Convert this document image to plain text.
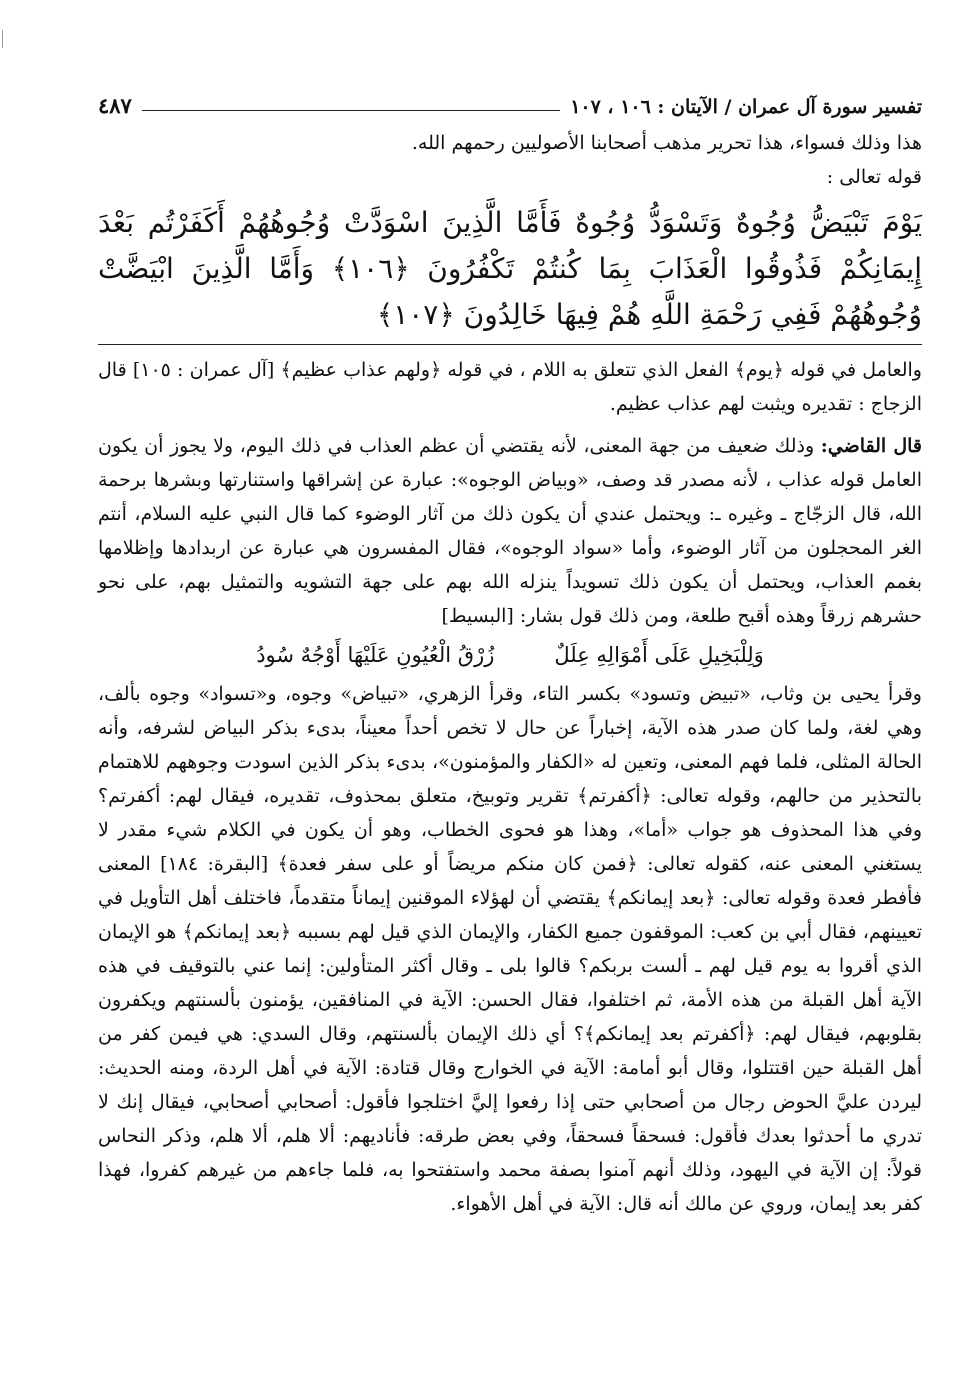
تفسير سورة آل عمران / الآيتان : ١٠٦ ، ١٠٧
٤٨٧

هذا وذلك فسواء، هذا تحرير مذهب أصحابنا الأصوليين رحمهم الله.

قوله تعالى :

يَوْمَ تَبْيَضُّ وُجُوهٌ وَتَسْوَدُّ وُجُوهٌ فَأَمَّا الَّذِينَ اسْوَدَّتْ وُجُوهُهُمْ أَكَفَرْتُم بَعْدَ إِيمَانِكُمْ فَذُوقُوا الْعَذَابَ بِمَا كُنتُمْ تَكْفُرُونَ ﴿١٠٦﴾ وَأَمَّا الَّذِينَ ابْيَضَّتْ وُجُوهُهُمْ فَفِي رَحْمَةِ اللَّهِ هُمْ فِيهَا خَالِدُونَ ﴿١٠٧﴾

والعامل في قوله ﴿يوم﴾ الفعل الذي تتعلق به اللام ، في قوله ﴿ولهم عذاب عظيم﴾ [آل عمران : ١٠٥] قال الزجاج : تقديره ويثبت لهم عذاب عظيم.

قال القاضي: وذلك ضعيف من جهة المعنى، لأنه يقتضي أن عظم العذاب في ذلك اليوم، ولا يجوز أن يكون العامل قوله عذاب ، لأنه مصدر قد وصف، «وبياض الوجوه»: عبارة عن إشراقها واستنارتها وبشرها برحمة الله، قال الزجّاج ـ وغيره ـ: ويحتمل عندي أن يكون ذلك من آثار الوضوء كما قال النبي عليه السلام، أنتم الغر المحجلون من آثار الوضوء، وأما «سواد الوجوه»، فقال المفسرون هي عبارة عن اربدادها وإظلامها بغمم العذاب، ويحتمل أن يكون ذلك تسويداً ينزله الله بهم على جهة التشويه والتمثيل بهم، على نحو حشرهم زرقاً وهذه أقبح طلعة، ومن ذلك قول بشار: [البسيط]

وَلِلْبَخِيلِ عَلَى أَمْوَالِهِ عِلَلٌ
زُرْقُ الْعُيُونِ عَلَيْهَا أَوْجُهٌ سُودُ

وقرأ يحيى بن وثاب، «تبيض وتسود» بكسر التاء، وقرأ الزهري، «تبياض» وجوه، و«تسواد» وجوه بألف، وهي لغة، ولما كان صدر هذه الآية، إخباراً عن حال لا تخص أحداً معيناً، بدىء بذكر البياض لشرفه، وأنه الحالة المثلى، فلما فهم المعنى، وتعين له «الكفار والمؤمنون»، بدىء بذكر الذين اسودت وجوههم للاهتمام بالتحذير من حالهم، وقوله تعالى: ﴿أكفرتم﴾ تقرير وتوبيخ، متعلق بمحذوف، تقديره، فيقال لهم: أكفرتم؟ وفي هذا المحذوف هو جواب «أما»، وهذا هو فحوى الخطاب، وهو أن يكون في الكلام شيء مقدر لا يستغني المعنى عنه، كقوله تعالى: ﴿فمن كان منكم مريضاً أو على سفر فعدة﴾ [البقرة: ١٨٤] المعنى فأفطر فعدة وقوله تعالى: ﴿بعد إيمانكم﴾ يقتضي أن لهؤلاء الموقنين إيماناً متقدماً، فاختلف أهل التأويل في تعيينهم، فقال أبي بن كعب: الموقفون جميع الكفار، والإيمان الذي قيل لهم بسببه ﴿بعد إيمانكم﴾ هو الإيمان الذي أقروا به يوم قيل لهم ـ ألست بربكم؟ قالوا بلى ـ وقال أكثر المتأولين: إنما عني بالتوقيف في هذه الآية أهل القبلة من هذه الأمة، ثم اختلفوا، فقال الحسن: الآية في المنافقين، يؤمنون بألسنتهم ويكفرون بقلوبهم، فيقال لهم: ﴿أكفرتم بعد إيمانكم﴾؟ أي ذلك الإيمان بألسنتهم، وقال السدي: هي فيمن كفر من أهل القبلة حين اقتتلوا، وقال أبو أمامة: الآية في الخوارج وقال قتادة: الآية في أهل الردة، ومنه الحديث: ليردن عليَّ الحوض رجال من أصحابي حتى إذا رفعوا إليَّ اختلجوا فأقول: أصحابي أصحابي، فيقال إنك لا تدري ما أحدثوا بعدك فأقول: فسحقاً فسحقاً، وفي بعض طرقه: فأناديهم: ألا هلم، ألا هلم، وذكر النحاس قولاً: إن الآية في اليهود، وذلك أنهم آمنوا بصفة محمد واستفتحوا به، فلما جاءهم من غيرهم كفروا، فهذا كفر بعد إيمان، وروي عن مالك أنه قال: الآية في أهل الأهواء.
